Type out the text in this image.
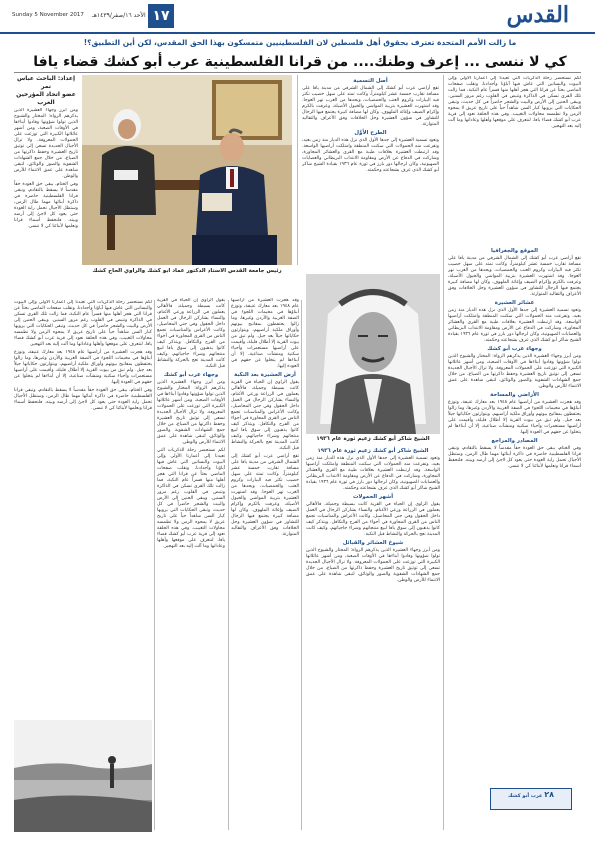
Sunday 5 November 2017 الأحد ١٦/صفر/١٤٣٩هـ ١٧	القدس
ما زالت الأمم المتحدة تعترف بحقوق أهل فلسطين لان الفلسطينيين متمسكون بهذا الحق المقدس، لكن أين التطبيق؟!
كي لا ننسى ... إعرف وطنك.... من قرانا الفلسطينية عرب أبو كشك قضاء يافا
إعداد: الباحث عباس نمر
عضو اتحاد المؤرخين العرب
رئيس جامعة القدس الاستاذ الدكتور عماد ابو كشك والراوي الحاج كشك
الشيخ شاكر أبو كشك زعيم ثورة عام ١٩٣٦

لكم نستحضر رحلة الذكريات التي تعيدنا إلى أعمارنا الأولى وإلى البيوت والبساتين التي عاش فيها آباؤنا وأجدادنا، ونقلب صفحات الماضي بحثاً عن قرانا التي هجر أهلها منها قسراً عام النكبة، فما زالت تلك القرى تسكن في الذاكرة وتنبض في القلوب رغم مرور السنين. ويبقى الحنين إلى الأرض والبيت والشجر حاضراً في كل حديث، وتبقى الحكايات التي يرويها كبار السن شاهداً حياً على تاريخ عريق لا يمحوه الزمن ولا تطمسه محاولات التغييب. وفي هذه الحلقة نعود إلى قرية عرب أبو كشك قضاء يافا، لنتعرف على موقعها وأهلها وعاداتها وما آلت إليه بعد التهجير.

أصل التسمية

تقع أراضي عرب أبو كشك إلى الشمال الشرقي من مدينة يافا على مسافة تقارب خمسة عشر كيلومتراً، وكانت تمتد على سهل خصيب تكثر فيه البيارات وكروم العنب والحمضيات، ويحدها من الغرب نهر العوجا. وقد اشتهرت العشيرة بتربية المواشي والخيول الأصيلة، وعرفت بالكرم وإكرام الضيف وإغاثة الملهوف. وكان لها مضافة كبيرة يجتمع فيها الرجال للتشاور في شؤون العشيرة وحل الخلافات وفق الأعراف والتقاليد المتوارثة.

الطرح الأوَّل

وتعود تسمية العشيرة إلى جدها الأول الذي نزل هذه الديار منذ زمن بعيد، وتفرعت منه الحمولات التي سكنت المنطقة وامتلكت أراضيها الواسعة. وقد ارتبطت العشيرة بعلاقات طيبة مع القرى والعشائر المجاورة، وشاركت في الدفاع عن الأرض ومقاومة الانتداب البريطاني والعصابات الصهيونية، وكان لرجالها دور بارز في ثورة عام ١٩٣٦ بقيادة الشيخ شاكر أبو كشك الذي عرف بشجاعته وحكمته.

الموقع والجغرافيا

تقع أراضي عرب أبو كشك إلى الشمال الشرقي من مدينة يافا على مسافة تقارب خمسة عشر كيلومتراً، وكانت تمتد على سهل خصيب تكثر فيه البيارات وكروم العنب والحمضيات، ويحدها من الغرب نهر العوجا. وقد اشتهرت العشيرة بتربية المواشي والخيول الأصيلة، وعرفت بالكرم وإكرام الضيف وإغاثة الملهوف. وكان لها مضافة كبيرة يجتمع فيها الرجال للتشاور في شؤون العشيرة وحل الخلافات وفق الأعراف والتقاليد المتوارثة.

عشائر العشيرة

وتعود تسمية العشيرة إلى جدها الأول الذي نزل هذه الديار منذ زمن بعيد، وتفرعت منه الحمولات التي سكنت المنطقة وامتلكت أراضيها الواسعة. وقد ارتبطت العشيرة بعلاقات طيبة مع القرى والعشائر المجاورة، وشاركت في الدفاع عن الأرض ومقاومة الانتداب البريطاني والعصابات الصهيونية، وكان لرجالها دور بارز في ثورة عام ١٩٣٦ بقيادة الشيخ شاكر أبو كشك الذي عرف بشجاعته وحكمته.

وجهاء عرب أبو كشك

ومن أبرز وجهاء العشيرة الذين يذكرهم الرواة: المختار والشيوخ الذين تولوا شؤونها وقادوا أبناءها في الأوقات الصعبة، ومن أشهر عائلاتها الكبيرة التي توزعت على الحمولات المعروفة. ولا تزال الأجيال الجديدة تسعى إلى توثيق تاريخ العشيرة وحفظ ذاكرتها من الضياع، من خلال جمع الشهادات الشفوية والصور والوثائق، لتبقى شاهدة على عمق الانتماء للأرض والوطن.

الأراضي والمساحة

وقد هجرت العشيرة من أراضيها عام ١٩٤٨ بعد معارك عنيفة، وتوزع أبناؤها في مخيمات اللجوء في الضفة الغربية والأردن وغيرها، وما زالوا يحتفظون بمفاتيح بيوتهم وأوراق ملكية أراضيهم، ويتوارثون حكاياتها جيلاً بعد جيل. ولم تبق من بيوت القرية إلا أطلال قليلة، وأقيمت على أراضيها مستعمرات وأحياء سكنية ومنشآت صناعية، إلا أن أبناءها لم يتخلوا عن حقهم في العودة إليها.

المصادر والمراجع

وفي الختام، يبقى حق العودة حقاً مقدساً لا يسقط بالتقادم، وتبقى قرانا الفلسطينية حاضرة في ذاكرة أبنائها مهما طال الزمن، وستظل الأجيال تحمل راية العودة حتى يعود كل لاجئ إلى أرضه وبيته. فلنحفظ أسماء قرانا ونعلمها لأبنائنا كي لا ننسى.

الشيخ شاكر أبو كشك زعيم ثورة عام ١٩٣٦

وتعود تسمية العشيرة إلى جدها الأول الذي نزل هذه الديار منذ زمن بعيد، وتفرعت منه الحمولات التي سكنت المنطقة وامتلكت أراضيها الواسعة. وقد ارتبطت العشيرة بعلاقات طيبة مع القرى والعشائر المجاورة، وشاركت في الدفاع عن الأرض ومقاومة الانتداب البريطاني والعصابات الصهيونية، وكان لرجالها دور بارز في ثورة عام ١٩٣٦ بقيادة الشيخ شاكر أبو كشك الذي عرف بشجاعته وحكمته.

أشهر الحمولات

يقول الراوي إن الحياة في القرية كانت بسيطة وجميلة، فالأهالي يعملون في الزراعة ورعي الأغنام، والنساء يشاركن الرجال في العمل داخل الحقول وفي جني المحاصيل، وكانت الأعراس والمناسبات تجمع الناس من القرى المجاورة في أجواء من الفرح والتكافل. ويتذكر كيف كانوا يذهبون إلى سوق يافا لبيع منتجاتهم وشراء حاجياتهم، وكيف كانت المدينة تعج بالحركة والنشاط قبل النكبة.

شيوخ العشائر والقبائل

ومن أبرز وجهاء العشيرة الذين يذكرهم الرواة: المختار والشيوخ الذين تولوا شؤونها وقادوا أبناءها في الأوقات الصعبة، ومن أشهر عائلاتها الكبيرة التي توزعت على الحمولات المعروفة. ولا تزال الأجيال الجديدة تسعى إلى توثيق تاريخ العشيرة وحفظ ذاكرتها من الضياع، من خلال جمع الشهادات الشفوية والصور والوثائق، لتبقى شاهدة على عمق الانتماء للأرض والوطن.

وقد هجرت العشيرة من أراضيها عام ١٩٤٨ بعد معارك عنيفة، وتوزع أبناؤها في مخيمات اللجوء في الضفة الغربية والأردن وغيرها، وما زالوا يحتفظون بمفاتيح بيوتهم وأوراق ملكية أراضيهم، ويتوارثون حكاياتها جيلاً بعد جيل. ولم تبق من بيوت القرية إلا أطلال قليلة، وأقيمت على أراضيها مستعمرات وأحياء سكنية ومنشآت صناعية، إلا أن أبناءها لم يتخلوا عن حقهم في العودة إليها.

أرض العشيرة بعد النكبة

يقول الراوي إن الحياة في القرية كانت بسيطة وجميلة، فالأهالي يعملون في الزراعة ورعي الأغنام، والنساء يشاركن الرجال في العمل داخل الحقول وفي جني المحاصيل، وكانت الأعراس والمناسبات تجمع الناس من القرى المجاورة في أجواء من الفرح والتكافل. ويتذكر كيف كانوا يذهبون إلى سوق يافا لبيع منتجاتهم وشراء حاجياتهم، وكيف كانت المدينة تعج بالحركة والنشاط قبل النكبة.

تقع أراضي عرب أبو كشك إلى الشمال الشرقي من مدينة يافا على مسافة تقارب خمسة عشر كيلومتراً، وكانت تمتد على سهل خصيب تكثر فيه البيارات وكروم العنب والحمضيات، ويحدها من الغرب نهر العوجا. وقد اشتهرت العشيرة بتربية المواشي والخيول الأصيلة، وعرفت بالكرم وإكرام الضيف وإغاثة الملهوف. وكان لها مضافة كبيرة يجتمع فيها الرجال للتشاور في شؤون العشيرة وحل الخلافات وفق الأعراف والتقاليد المتوارثة.

يقول الراوي إن الحياة في القرية كانت بسيطة وجميلة، فالأهالي يعملون في الزراعة ورعي الأغنام، والنساء يشاركن الرجال في العمل داخل الحقول وفي جني المحاصيل، وكانت الأعراس والمناسبات تجمع الناس من القرى المجاورة في أجواء من الفرح والتكافل. ويتذكر كيف كانوا يذهبون إلى سوق يافا لبيع منتجاتهم وشراء حاجياتهم، وكيف كانت المدينة تعج بالحركة والنشاط قبل النكبة.

وجهاء عرب أبو كشك

ومن أبرز وجهاء العشيرة الذين يذكرهم الرواة: المختار والشيوخ الذين تولوا شؤونها وقادوا أبناءها في الأوقات الصعبة، ومن أشهر عائلاتها الكبيرة التي توزعت على الحمولات المعروفة. ولا تزال الأجيال الجديدة تسعى إلى توثيق تاريخ العشيرة وحفظ ذاكرتها من الضياع، من خلال جمع الشهادات الشفوية والصور والوثائق، لتبقى شاهدة على عمق الانتماء للأرض والوطن.

لكم نستحضر رحلة الذكريات التي تعيدنا إلى أعمارنا الأولى وإلى البيوت والبساتين التي عاش فيها آباؤنا وأجدادنا، ونقلب صفحات الماضي بحثاً عن قرانا التي هجر أهلها منها قسراً عام النكبة، فما زالت تلك القرى تسكن في الذاكرة وتنبض في القلوب رغم مرور السنين. ويبقى الحنين إلى الأرض والبيت والشجر حاضراً في كل حديث، وتبقى الحكايات التي يرويها كبار السن شاهداً حياً على تاريخ عريق لا يمحوه الزمن ولا تطمسه محاولات التغييب. وفي هذه الحلقة نعود إلى قرية عرب أبو كشك قضاء يافا، لنتعرف على موقعها وأهلها وعاداتها وما آلت إليه بعد التهجير.

ومن أبرز وجهاء العشيرة الذين يذكرهم الرواة: المختار والشيوخ الذين تولوا شؤونها وقادوا أبناءها في الأوقات الصعبة، ومن أشهر عائلاتها الكبيرة التي توزعت على الحمولات المعروفة. ولا تزال الأجيال الجديدة تسعى إلى توثيق تاريخ العشيرة وحفظ ذاكرتها من الضياع، من خلال جمع الشهادات الشفوية والصور والوثائق، لتبقى شاهدة على عمق الانتماء للأرض والوطن.

وفي الختام، يبقى حق العودة حقاً مقدساً لا يسقط بالتقادم، وتبقى قرانا الفلسطينية حاضرة في ذاكرة أبنائها مهما طال الزمن، وستظل الأجيال تحمل راية العودة حتى يعود كل لاجئ إلى أرضه وبيته. فلنحفظ أسماء قرانا ونعلمها لأبنائنا كي لا ننسى.

لكم نستحضر رحلة الذكريات التي تعيدنا إلى أعمارنا الأولى وإلى البيوت والبساتين التي عاش فيها آباؤنا وأجدادنا، ونقلب صفحات الماضي بحثاً عن قرانا التي هجر أهلها منها قسراً عام النكبة، فما زالت تلك القرى تسكن في الذاكرة وتنبض في القلوب رغم مرور السنين. ويبقى الحنين إلى الأرض والبيت والشجر حاضراً في كل حديث، وتبقى الحكايات التي يرويها كبار السن شاهداً حياً على تاريخ عريق لا يمحوه الزمن ولا تطمسه محاولات التغييب. وفي هذه الحلقة نعود إلى قرية عرب أبو كشك قضاء يافا، لنتعرف على موقعها وأهلها وعاداتها وما آلت إليه بعد التهجير.

وقد هجرت العشيرة من أراضيها عام ١٩٤٨ بعد معارك عنيفة، وتوزع أبناؤها في مخيمات اللجوء في الضفة الغربية والأردن وغيرها، وما زالوا يحتفظون بمفاتيح بيوتهم وأوراق ملكية أراضيهم، ويتوارثون حكاياتها جيلاً بعد جيل. ولم تبق من بيوت القرية إلا أطلال قليلة، وأقيمت على أراضيها مستعمرات وأحياء سكنية ومنشآت صناعية، إلا أن أبناءها لم يتخلوا عن حقهم في العودة إليها.

وفي الختام، يبقى حق العودة حقاً مقدساً لا يسقط بالتقادم، وتبقى قرانا الفلسطينية حاضرة في ذاكرة أبنائها مهما طال الزمن، وستظل الأجيال تحمل راية العودة حتى يعود كل لاجئ إلى أرضه وبيته. فلنحفظ أسماء قرانا ونعلمها لأبنائنا كي لا ننسى.

٢٨ عرب أبو كشك
